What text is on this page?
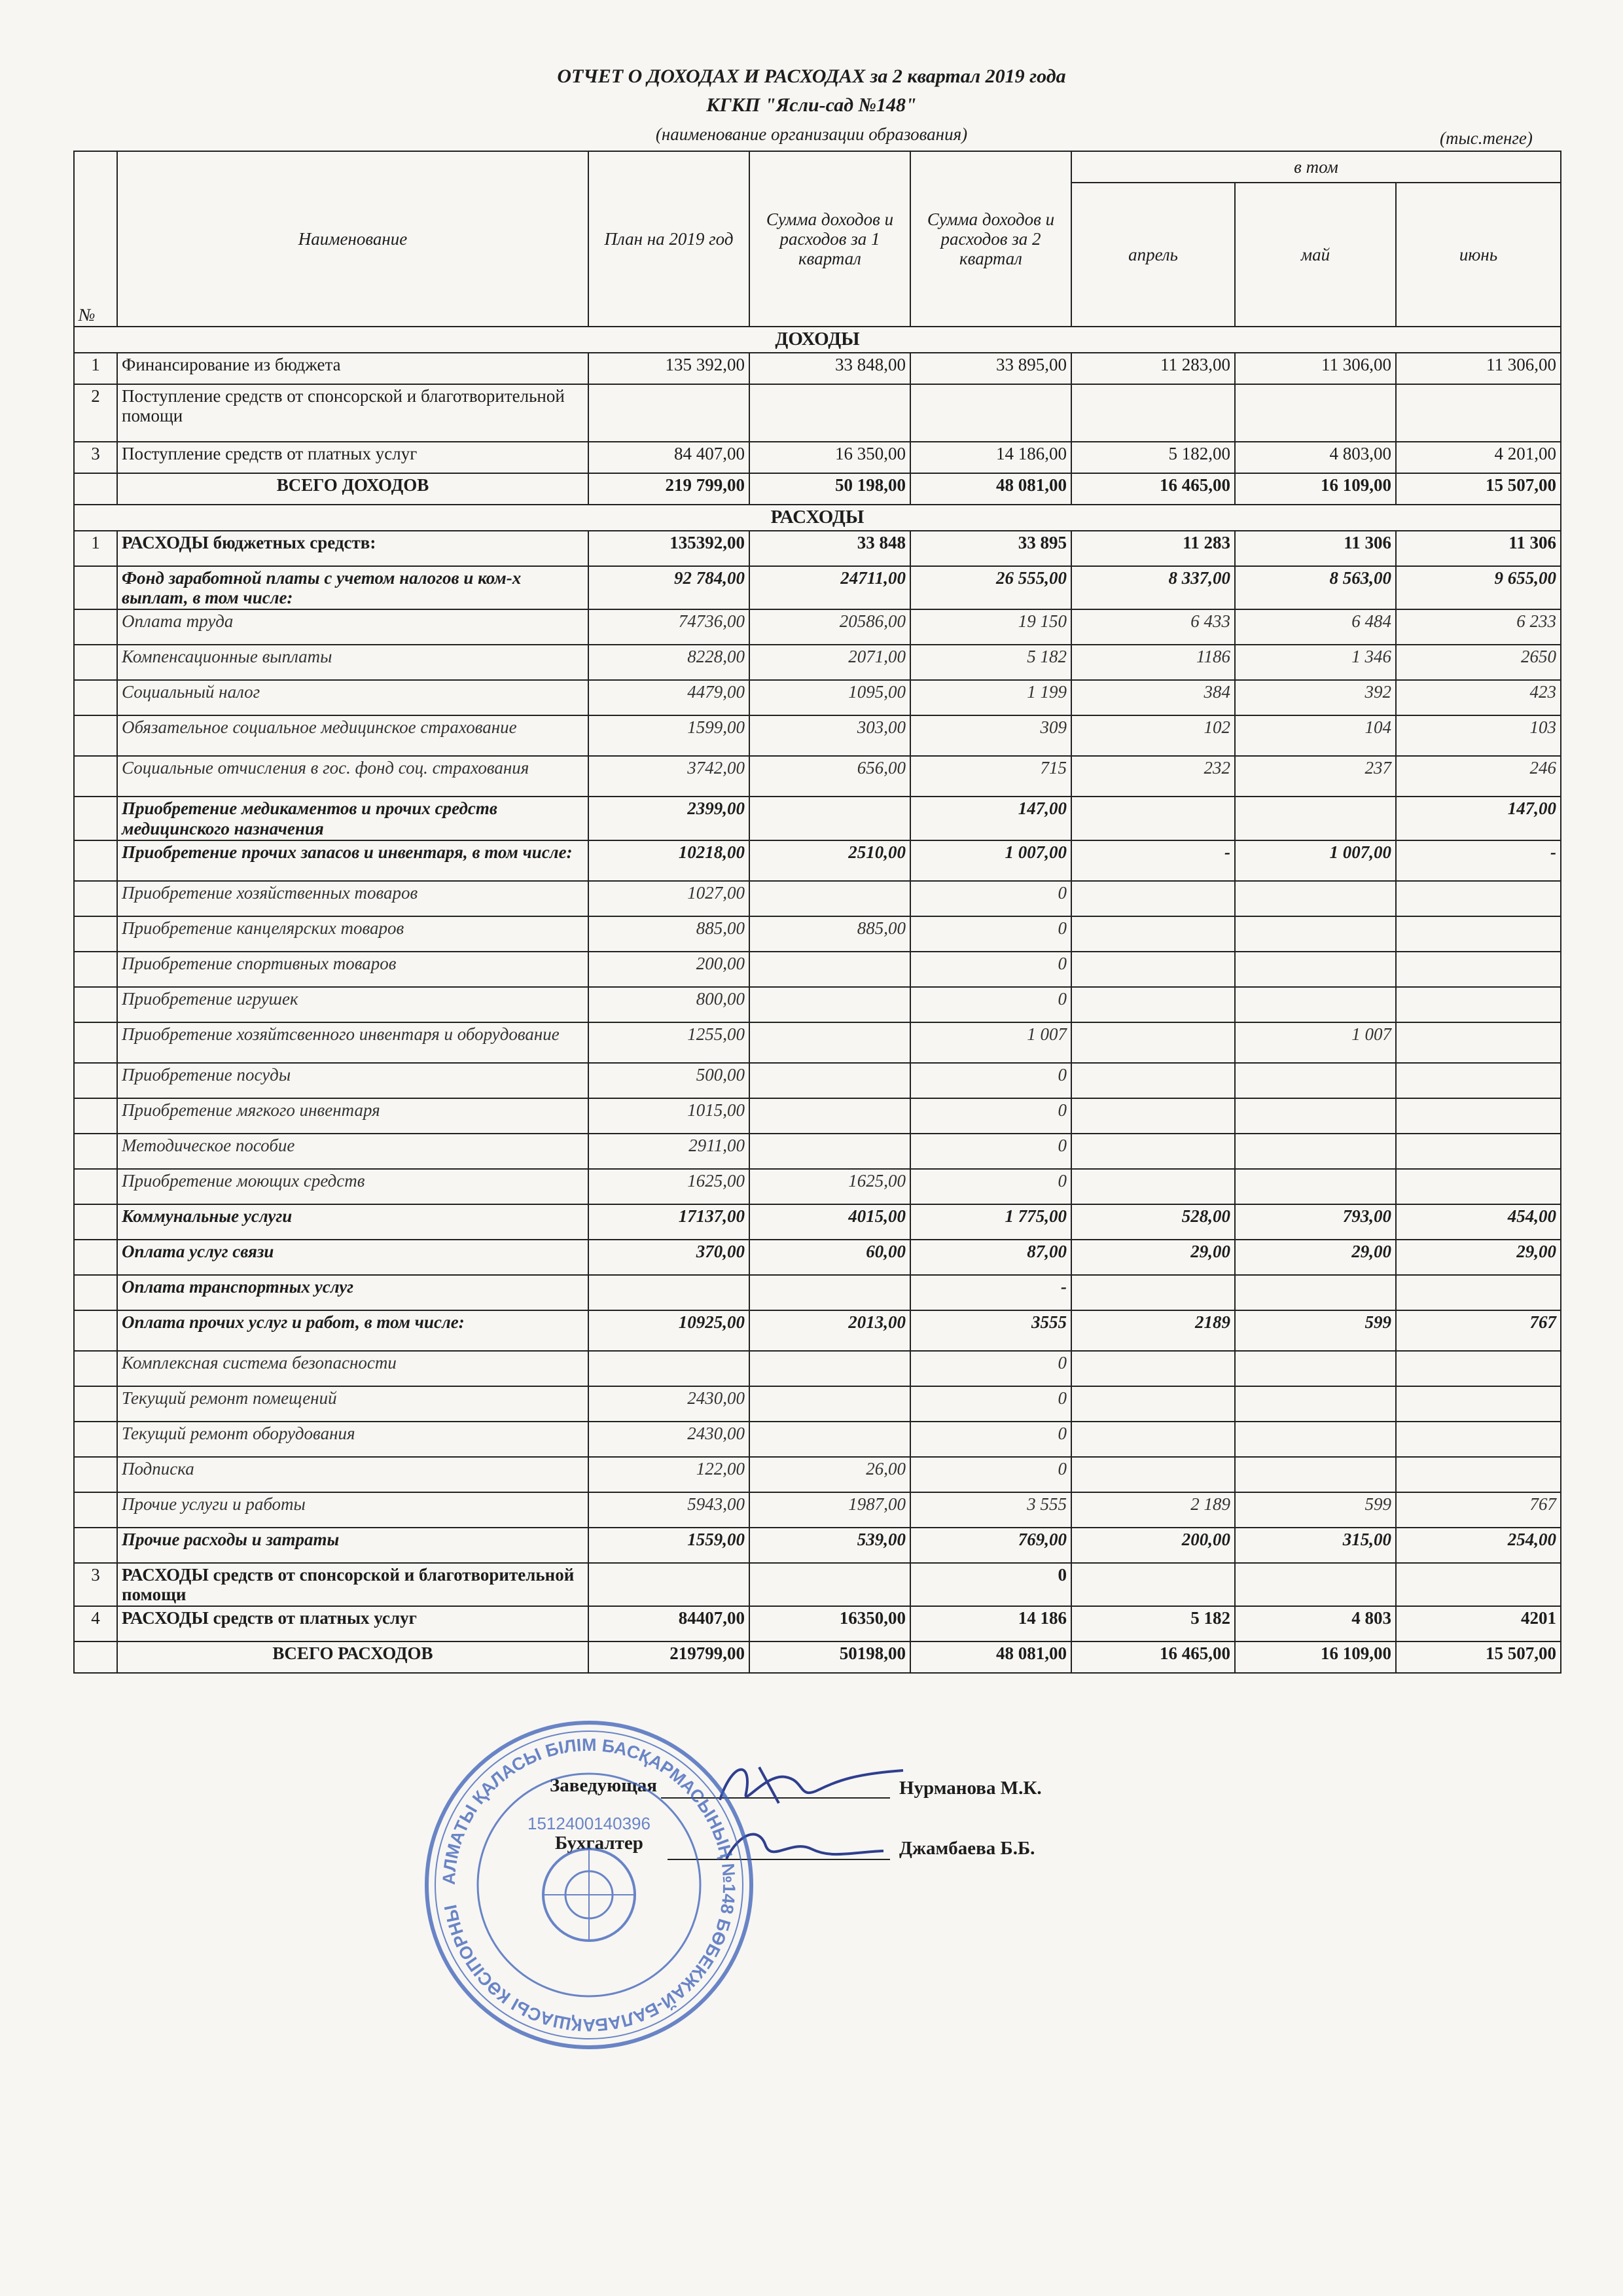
ОТЧЕТ О ДОХОДАХ И РАСХОДАХ за 2 квартал 2019 года
КГКП "Ясли-сад №148"
(наименование организации образования)	(тыс.тенге)
№	Наименование	План на 2019 год	Сумма доходов и расходов за 1 квартал	Сумма доходов и расходов за 2 квартал	в том		
					апрель	май	июнь
ДОХОДЫ							
1	Финансирование из бюджета	135 392,00	33 848,00	33 895,00	11 283,00	11 306,00	11 306,00
2	Поступление средств от спонсорской и благотворительной помощи						
3	Поступление средств от платных услуг	84 407,00	16 350,00	14 186,00	5 182,00	4 803,00	4 201,00
	ВСЕГО ДОХОДОВ	219 799,00	50 198,00	48 081,00	16 465,00	16 109,00	15 507,00
РАСХОДЫ							
1	РАСХОДЫ бюджетных средств:	135392,00	33 848	33 895	11 283	11 306	11 306
	Фонд заработной платы с учетом налогов и ком-х выплат, в том числе:	92 784,00	24711,00	26 555,00	8 337,00	8 563,00	9 655,00
	Оплата труда	74736,00	20586,00	19 150	6 433	6 484	6 233
	Компенсационные выплаты	8228,00	2071,00	5 182	1186	1 346	2650
	Социальный налог	4479,00	1095,00	1 199	384	392	423
	Обязательное социальное медицинское страхование	1599,00	303,00	309	102	104	103
	Социальные отчисления в гос. фонд соц. страхования	3742,00	656,00	715	232	237	246
	Приобретение медикаментов и прочих средств медицинского назначения	2399,00		147,00			147,00
	Приобретение прочих запасов и инвентаря, в том числе:	10218,00	2510,00	1 007,00	-	1 007,00	-
	Приобретение хозяйственных товаров	1027,00		0			
	Приобретение канцелярских товаров	885,00	885,00	0			
	Приобретение спортивных товаров	200,00		0			
	Приобретение игрушек	800,00		0			
	Приобретение хозяйтсвенного инвентаря и оборудование	1255,00		1 007		1 007	
	Приобретение посуды	500,00		0			
	Приобретение мягкого инвентаря	1015,00		0			
	Методическое пособие	2911,00		0			
	Приобретение моющих средств	1625,00	1625,00	0			
	Коммунальные услуги	17137,00	4015,00	1 775,00	528,00	793,00	454,00
	Оплата услуг связи	370,00	60,00	87,00	29,00	29,00	29,00
	Оплата транспортных услуг			-			
	Оплата прочих услуг и работ, в том числе:	10925,00	2013,00	3555	2189	599	767
	Комплексная система безопасности			0			
	Текущий ремонт помещений	2430,00		0			
	Текущий ремонт оборудования	2430,00		0			
	Подписка	122,00	26,00	0			
	Прочие услуги и работы	5943,00	1987,00	3 555	2 189	599	767
	Прочие расходы и затраты	1559,00	539,00	769,00	200,00	315,00	254,00
3	РАСХОДЫ средств от спонсорской и благотворительной помощи			0			
4	РАСХОДЫ средств от платных услуг	84407,00	16350,00	14 186	5 182	4 803	4201
	ВСЕГО РАСХОДОВ	219799,00	50198,00	48 081,00	16 465,00	16 109,00	15 507,00
Заведующая	Нурманова М.К.
Бухгалтер	Джамбаева Б.Б.
АЛМАТЫ ҚАЛАСЫ БІЛІМ БАСҚАРМАСЫНЫҢ №148 БӨБЕКЖАЙ-БАЛАБАҚШАСЫ КӘСІПОРНЫ
1512400140396
